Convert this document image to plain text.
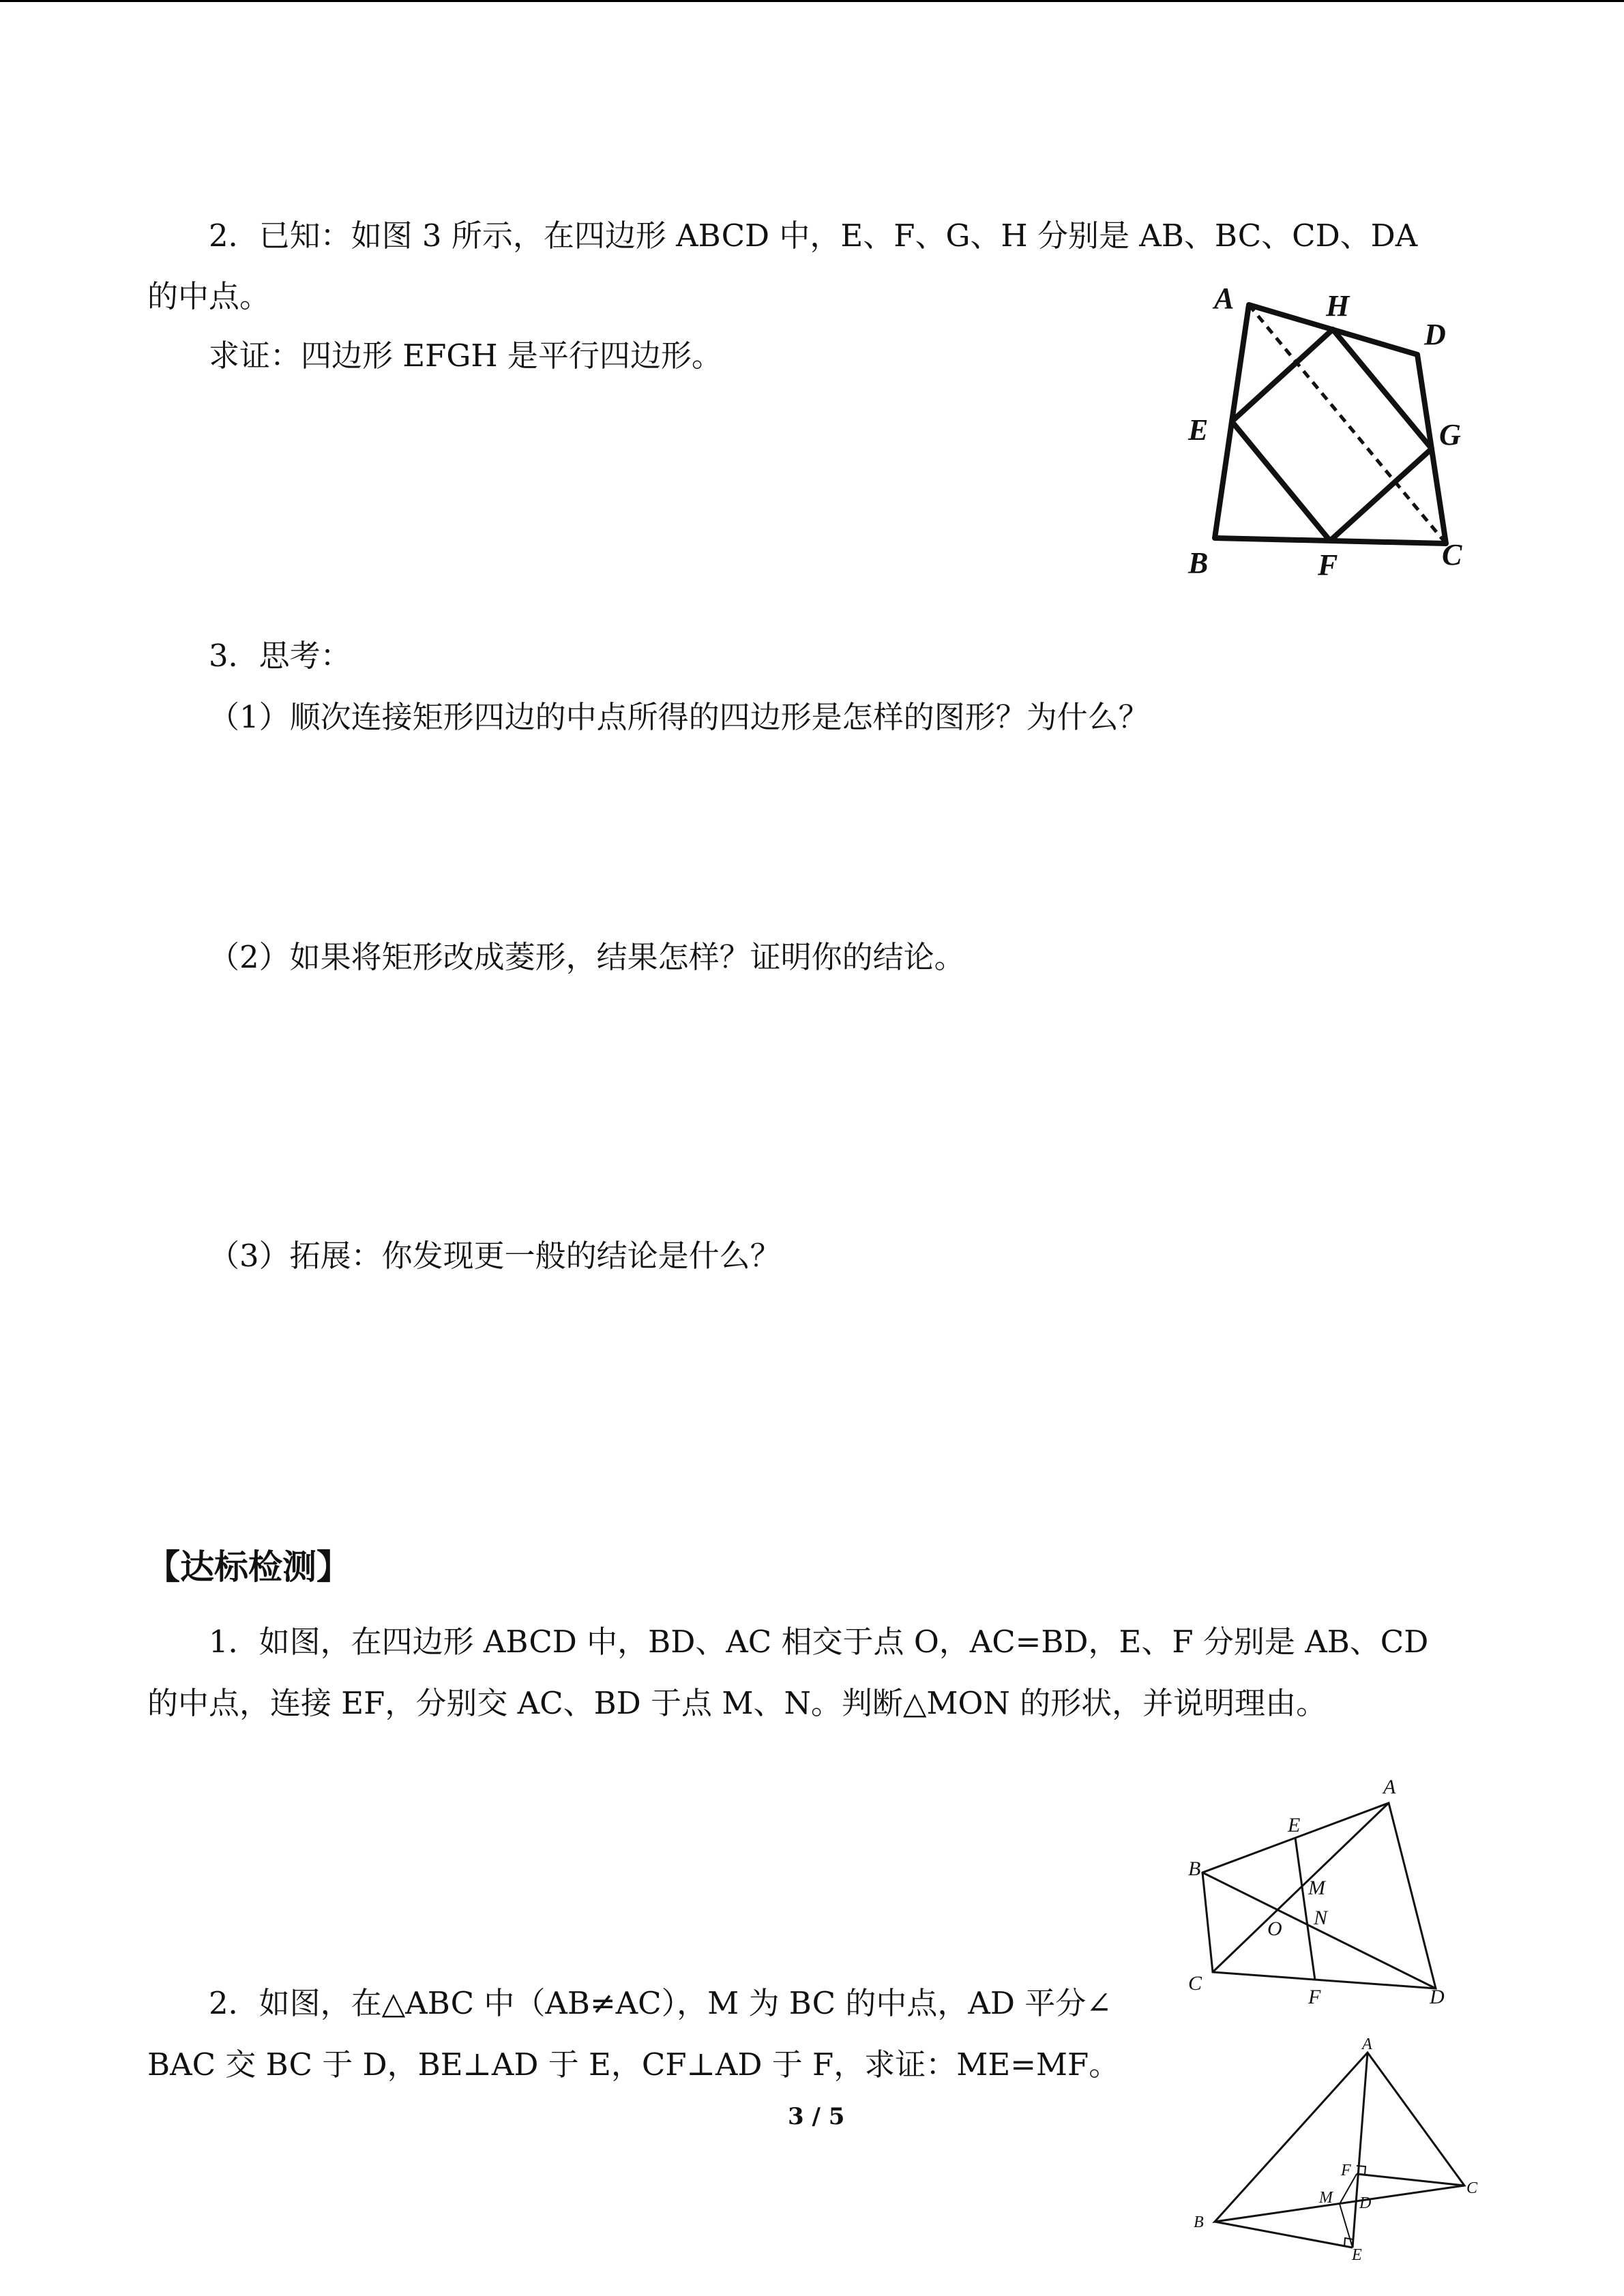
2．已知：如图 3 所示，在四边形 ABCD 中，E、F、G、H 分别是 AB、BC、CD、DA

的中点。

求证：四边形 EFGH 是平行四边形。

A	H
D
E	G
B	F	C

3．思考：

（1）顺次连接矩形四边的中点所得的四边形是怎样的图形？为什么？

（2）如果将矩形改成菱形，结果怎样？证明你的结论。

（3）拓展：你发现更一般的结论是什么？

【达标检测】

1．如图，在四边形 ABCD 中，BD、AC 相交于点 O，AC=BD，E、F 分别是 AB、CD

的中点，连接 EF，分别交 AC、BD 于点 M、N。判断△MON 的形状，并说明理由。

A
E
B
M
N
O
C
F	D

2．如图，在△ABC 中（AB≠AC），M 为 BC 的中点，AD 平分∠

BAC 交 BC 于 D，BE⊥AD 于 E，CF⊥AD 于 F，求证：ME=MF。

3 / 5
A
F
M D
C
B
E
